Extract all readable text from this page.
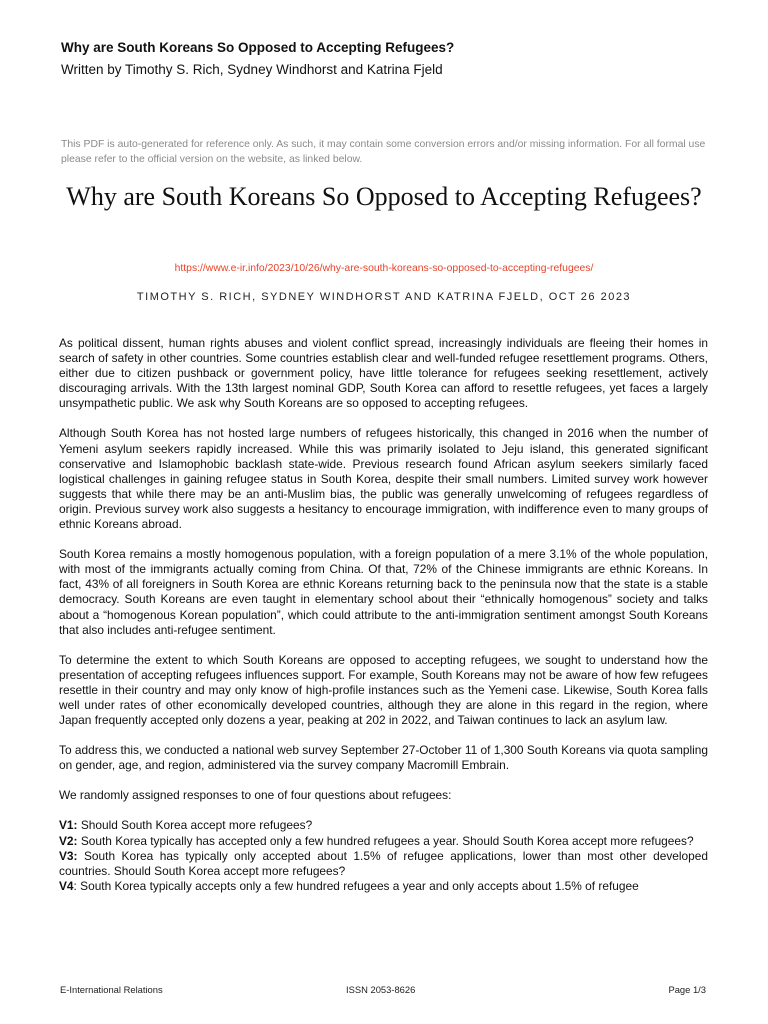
Why are South Koreans So Opposed to Accepting Refugees?
Written by Timothy S. Rich, Sydney Windhorst and Katrina Fjeld
This PDF is auto-generated for reference only. As such, it may contain some conversion errors and/or missing information. For all formal use please refer to the official version on the website, as linked below.
Why are South Koreans So Opposed to Accepting Refugees?
https://www.e-ir.info/2023/10/26/why-are-south-koreans-so-opposed-to-accepting-refugees/
TIMOTHY S. RICH, SYDNEY WINDHORST AND KATRINA FJELD, OCT 26 2023

As political dissent, human rights abuses and violent conflict spread, increasingly individuals are fleeing their homes in search of safety in other countries. Some countries establish clear and well-funded refugee resettlement programs. Others, either due to citizen pushback or government policy, have little tolerance for refugees seeking resettlement, actively discouraging arrivals. With the 13th largest nominal GDP, South Korea can afford to resettle refugees, yet faces a largely unsympathetic public. We ask why South Koreans are so opposed to accepting refugees.

Although South Korea has not hosted large numbers of refugees historically, this changed in 2016 when the number of Yemeni asylum seekers rapidly increased. While this was primarily isolated to Jeju island, this generated significant conservative and Islamophobic backlash state-wide. Previous research found African asylum seekers similarly faced logistical challenges in gaining refugee status in South Korea, despite their small numbers. Limited survey work however suggests that while there may be an anti-Muslim bias, the public was generally unwelcoming of refugees regardless of origin. Previous survey work also suggests a hesitancy to encourage immigration, with indifference even to many groups of ethnic Koreans abroad.

South Korea remains a mostly homogenous population, with a foreign population of a mere 3.1% of the whole population, with most of the immigrants actually coming from China. Of that, 72% of the Chinese immigrants are ethnic Koreans. In fact, 43% of all foreigners in South Korea are ethnic Koreans returning back to the peninsula now that the state is a stable democracy. South Koreans are even taught in elementary school about their “ethnically homogenous” society and talks about a “homogenous Korean population”, which could attribute to the anti-immigration sentiment amongst South Koreans that also includes anti-refugee sentiment.

To determine the extent to which South Koreans are opposed to accepting refugees, we sought to understand how the presentation of accepting refugees influences support. For example, South Koreans may not be aware of how few refugees resettle in their country and may only know of high-profile instances such as the Yemeni case. Likewise, South Korea falls well under rates of other economically developed countries, although they are alone in this regard in the region, where Japan frequently accepted only dozens a year, peaking at 202 in 2022, and Taiwan continues to lack an asylum law.

To address this, we conducted a national web survey September 27-October 11 of 1,300 South Koreans via quota sampling on gender, age, and region, administered via the survey company Macromill Embrain.

We randomly assigned responses to one of four questions about refugees:

V1: Should South Korea accept more refugees?

V2: South Korea typically has accepted only a few hundred refugees a year. Should South Korea accept more refugees?

V3: South Korea has typically only accepted about 1.5% of refugee applications, lower than most other developed countries. Should South Korea accept more refugees?

V4: South Korea typically accepts only a few hundred refugees a year and only accepts about 1.5% of refugee

E-International Relations	ISSN 2053-8626	Page 1/3
